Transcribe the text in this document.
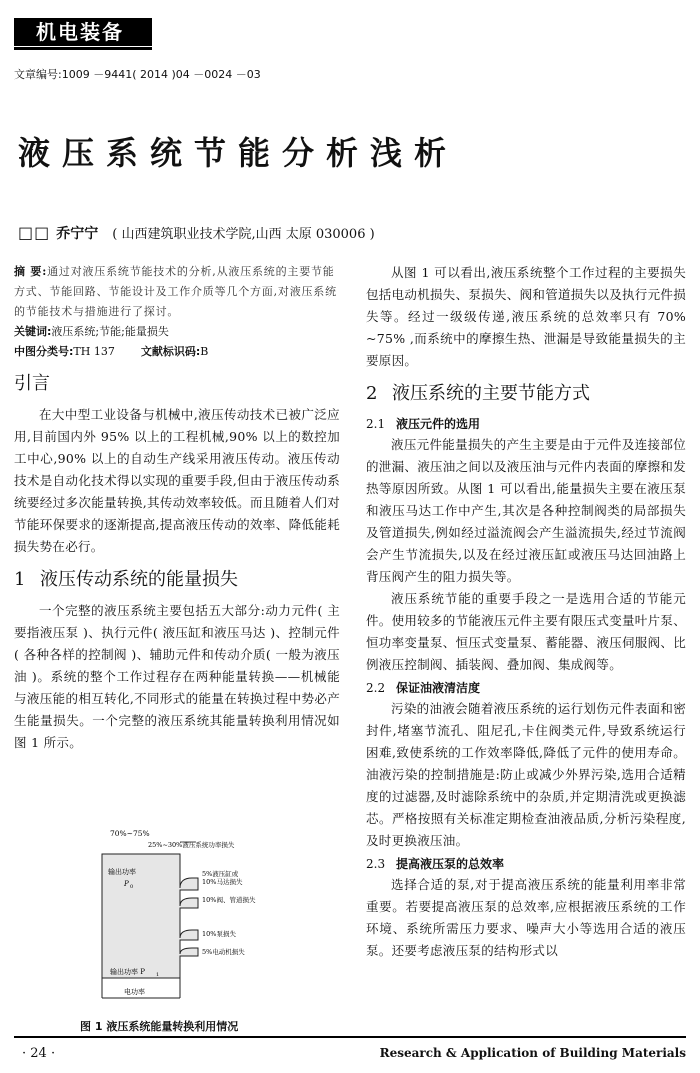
机电装备
文章编号:1009 －9441( 2014 )04 －0024 －03
液压系统节能分析浅析
□□ 乔宁宁 ( 山西建筑职业技术学院,山西 太原 030006 )

摘 要:通过对液压系统节能技术的分析,从液压系统的主要节能方式、节能回路、节能设计及工作介质等几个方面,对液压系统的节能技术与措施进行了探讨。

关键词:液压系统;节能;能量损失

中图分类号:TH 137 文献标识码:B

引言

在大中型工业设备与机械中,液压传动技术已被广泛应用,目前国内外 95% 以上的工程机械,90% 以上的数控加工中心,90% 以上的自动生产线采用液压传动。液压传动技术是自动化技术得以实现的重要手段,但由于液压传动系统要经过多次能量转换,其传动效率较低。而且随着人们对节能环保要求的逐渐提高,提高液压传动的效率、降低能耗损失势在必行。

1 液压传动系统的能量损失

一个完整的液压系统主要包括五大部分:动力元件( 主要指液压泵 )、执行元件( 液压缸和液压马达 )、控制元件( 各种各样的控制阀 )、辅助元件和传动介质( 一般为液压油 )。系统的整个工作过程存在两种能量转换——机械能与液压能的相互转化,不同形式的能量在转换过程中势必产生能量损失。一个完整的液压系统其能量转换利用情况如图 1 所示。

70%~75%
25%~30%液压系统功率损失
输出功率
P 0
5%液压缸或
10%马达损失
10%阀、管道损失
10%泵损失
5%电动机损失
输出功率 P 1
电功率
图 1 液压系统能量转换利用情况

从图 1 可以看出,液压系统整个工作过程的主要损失包括电动机损失、泵损失、阀和管道损失以及执行元件损失等。经过一级级传递,液压系统的总效率只有 70% ~75% ,而系统中的摩擦生热、泄漏是导致能量损失的主要原因。

2 液压系统的主要节能方式
2.1 液压元件的选用

液压元件能量损失的产生主要是由于元件及连接部位的泄漏、液压油之间以及液压油与元件内表面的摩擦和发热等原因所致。从图 1 可以看出,能量损失主要在液压泵和液压马达工作中产生,其次是各种控制阀类的局部损失及管道损失,例如经过溢流阀会产生溢流损失,经过节流阀会产生节流损失,以及在经过液压缸或液压马达回油路上背压阀产生的阻力损失等。

液压系统节能的重要手段之一是选用合适的节能元件。使用较多的节能液压元件主要有限压式变量叶片泵、恒功率变量泵、恒压式变量泵、蓄能器、液压伺服阀、比例液压控制阀、插装阀、叠加阀、集成阀等。

2.2 保证油液清洁度

污染的油液会随着液压系统的运行划伤元件表面和密封件,堵塞节流孔、阻尼孔,卡住阀类元件,导致系统运行困难,致使系统的工作效率降低,降低了元件的使用寿命。油液污染的控制措施是:防止或减少外界污染,选用合适精度的过滤器,及时滤除系统中的杂质,并定期清洗或更换滤芯。严格按照有关标准定期检查油液品质,分析污染程度,及时更换液压油。

2.3 提高液压泵的总效率

选择合适的泵,对于提高液压系统的能量利用率非常重要。若要提高液压泵的总效率,应根据液压系统的工作环境、系统所需压力要求、噪声大小等选用合适的液压泵。还要考虑液压泵的结构形式以

· 24 ·	Research & Application of Building Materials
